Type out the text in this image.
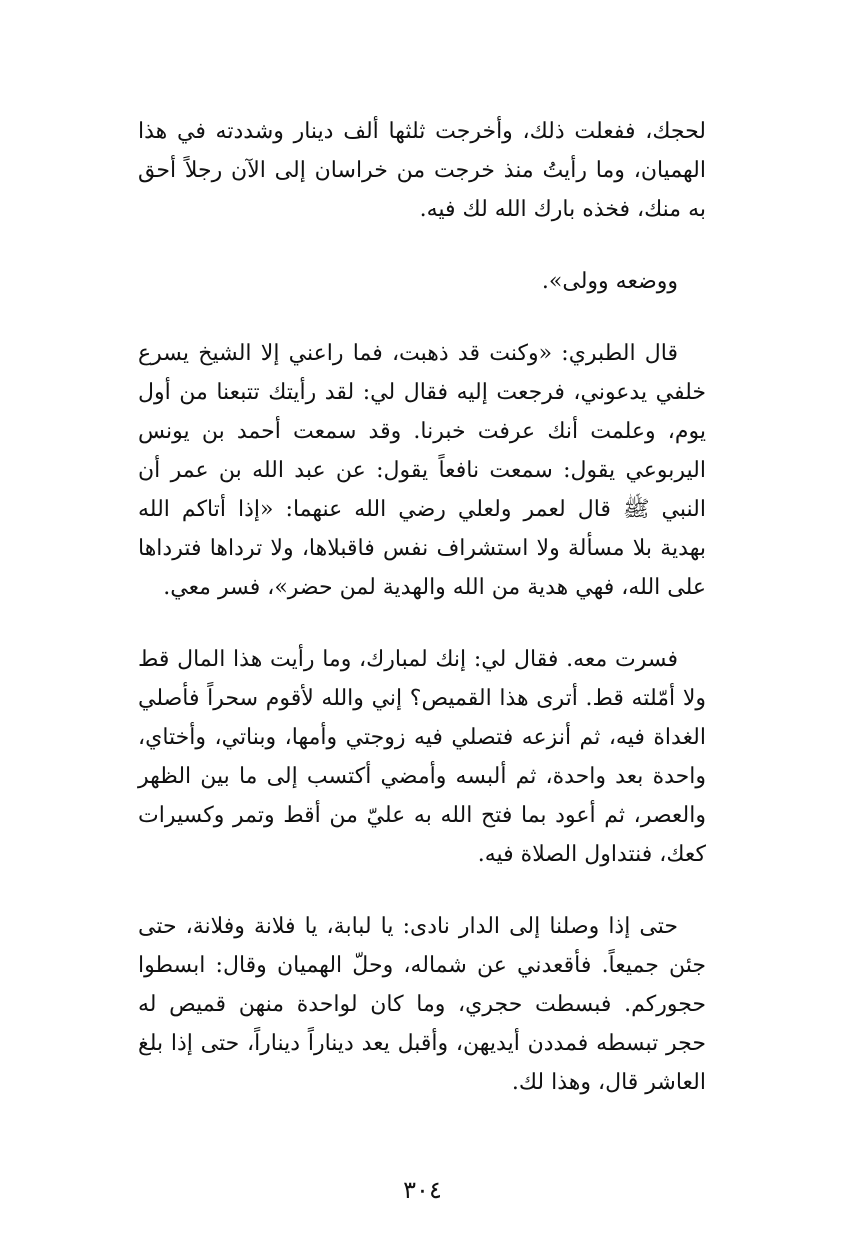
لحجك، ففعلت ذلك، وأخرجت ثلثها ألف دينار وشددته في هذا الهميان، وما رأيتُ منذ خرجت من خراسان إلى الآن رجلاً أحق به منك، فخذه بارك الله لك فيه.

ووضعه وولى».

قال الطبري: «وكنت قد ذهبت، فما راعني إلا الشيخ يسرع خلفي يدعوني، فرجعت إليه فقال لي: لقد رأيتك تتبعنا من أول يوم، وعلمت أنك عرفت خبرنا. وقد سمعت أحمد بن يونس اليربوعي يقول: سمعت نافعاً يقول: عن عبد الله بن عمر أن النبي ﷺ قال لعمر ولعلي رضي الله عنهما: «إذا أتاكم الله بهدية بلا مسألة ولا استشراف نفس فاقبلاها، ولا ترداها فترداها على الله، فهي هدية من الله والهدية لمن حضر»، فسر معي.

فسرت معه. فقال لي: إنك لمبارك، وما رأيت هذا المال قط ولا أمّلته قط. أترى هذا القميص؟ إني والله لأقوم سحراً فأصلي الغداة فيه، ثم أنزعه فتصلي فيه زوجتي وأمها، وبناتي، وأختاي، واحدة بعد واحدة، ثم ألبسه وأمضي أكتسب إلى ما بين الظهر والعصر، ثم أعود بما فتح الله به عليّ من أقط وتمر وكسيرات كعك، فنتداول الصلاة فيه.

حتى إذا وصلنا إلى الدار نادى: يا لبابة، يا فلانة وفلانة، حتى جئن جميعاً. فأقعدني عن شماله، وحلّ الهميان وقال: ابسطوا حجوركم. فبسطت حجري، وما كان لواحدة منهن قميص له حجر تبسطه فمددن أيديهن، وأقبل يعد ديناراً ديناراً، حتى إذا بلغ العاشر قال، وهذا لك.

٣٠٤
